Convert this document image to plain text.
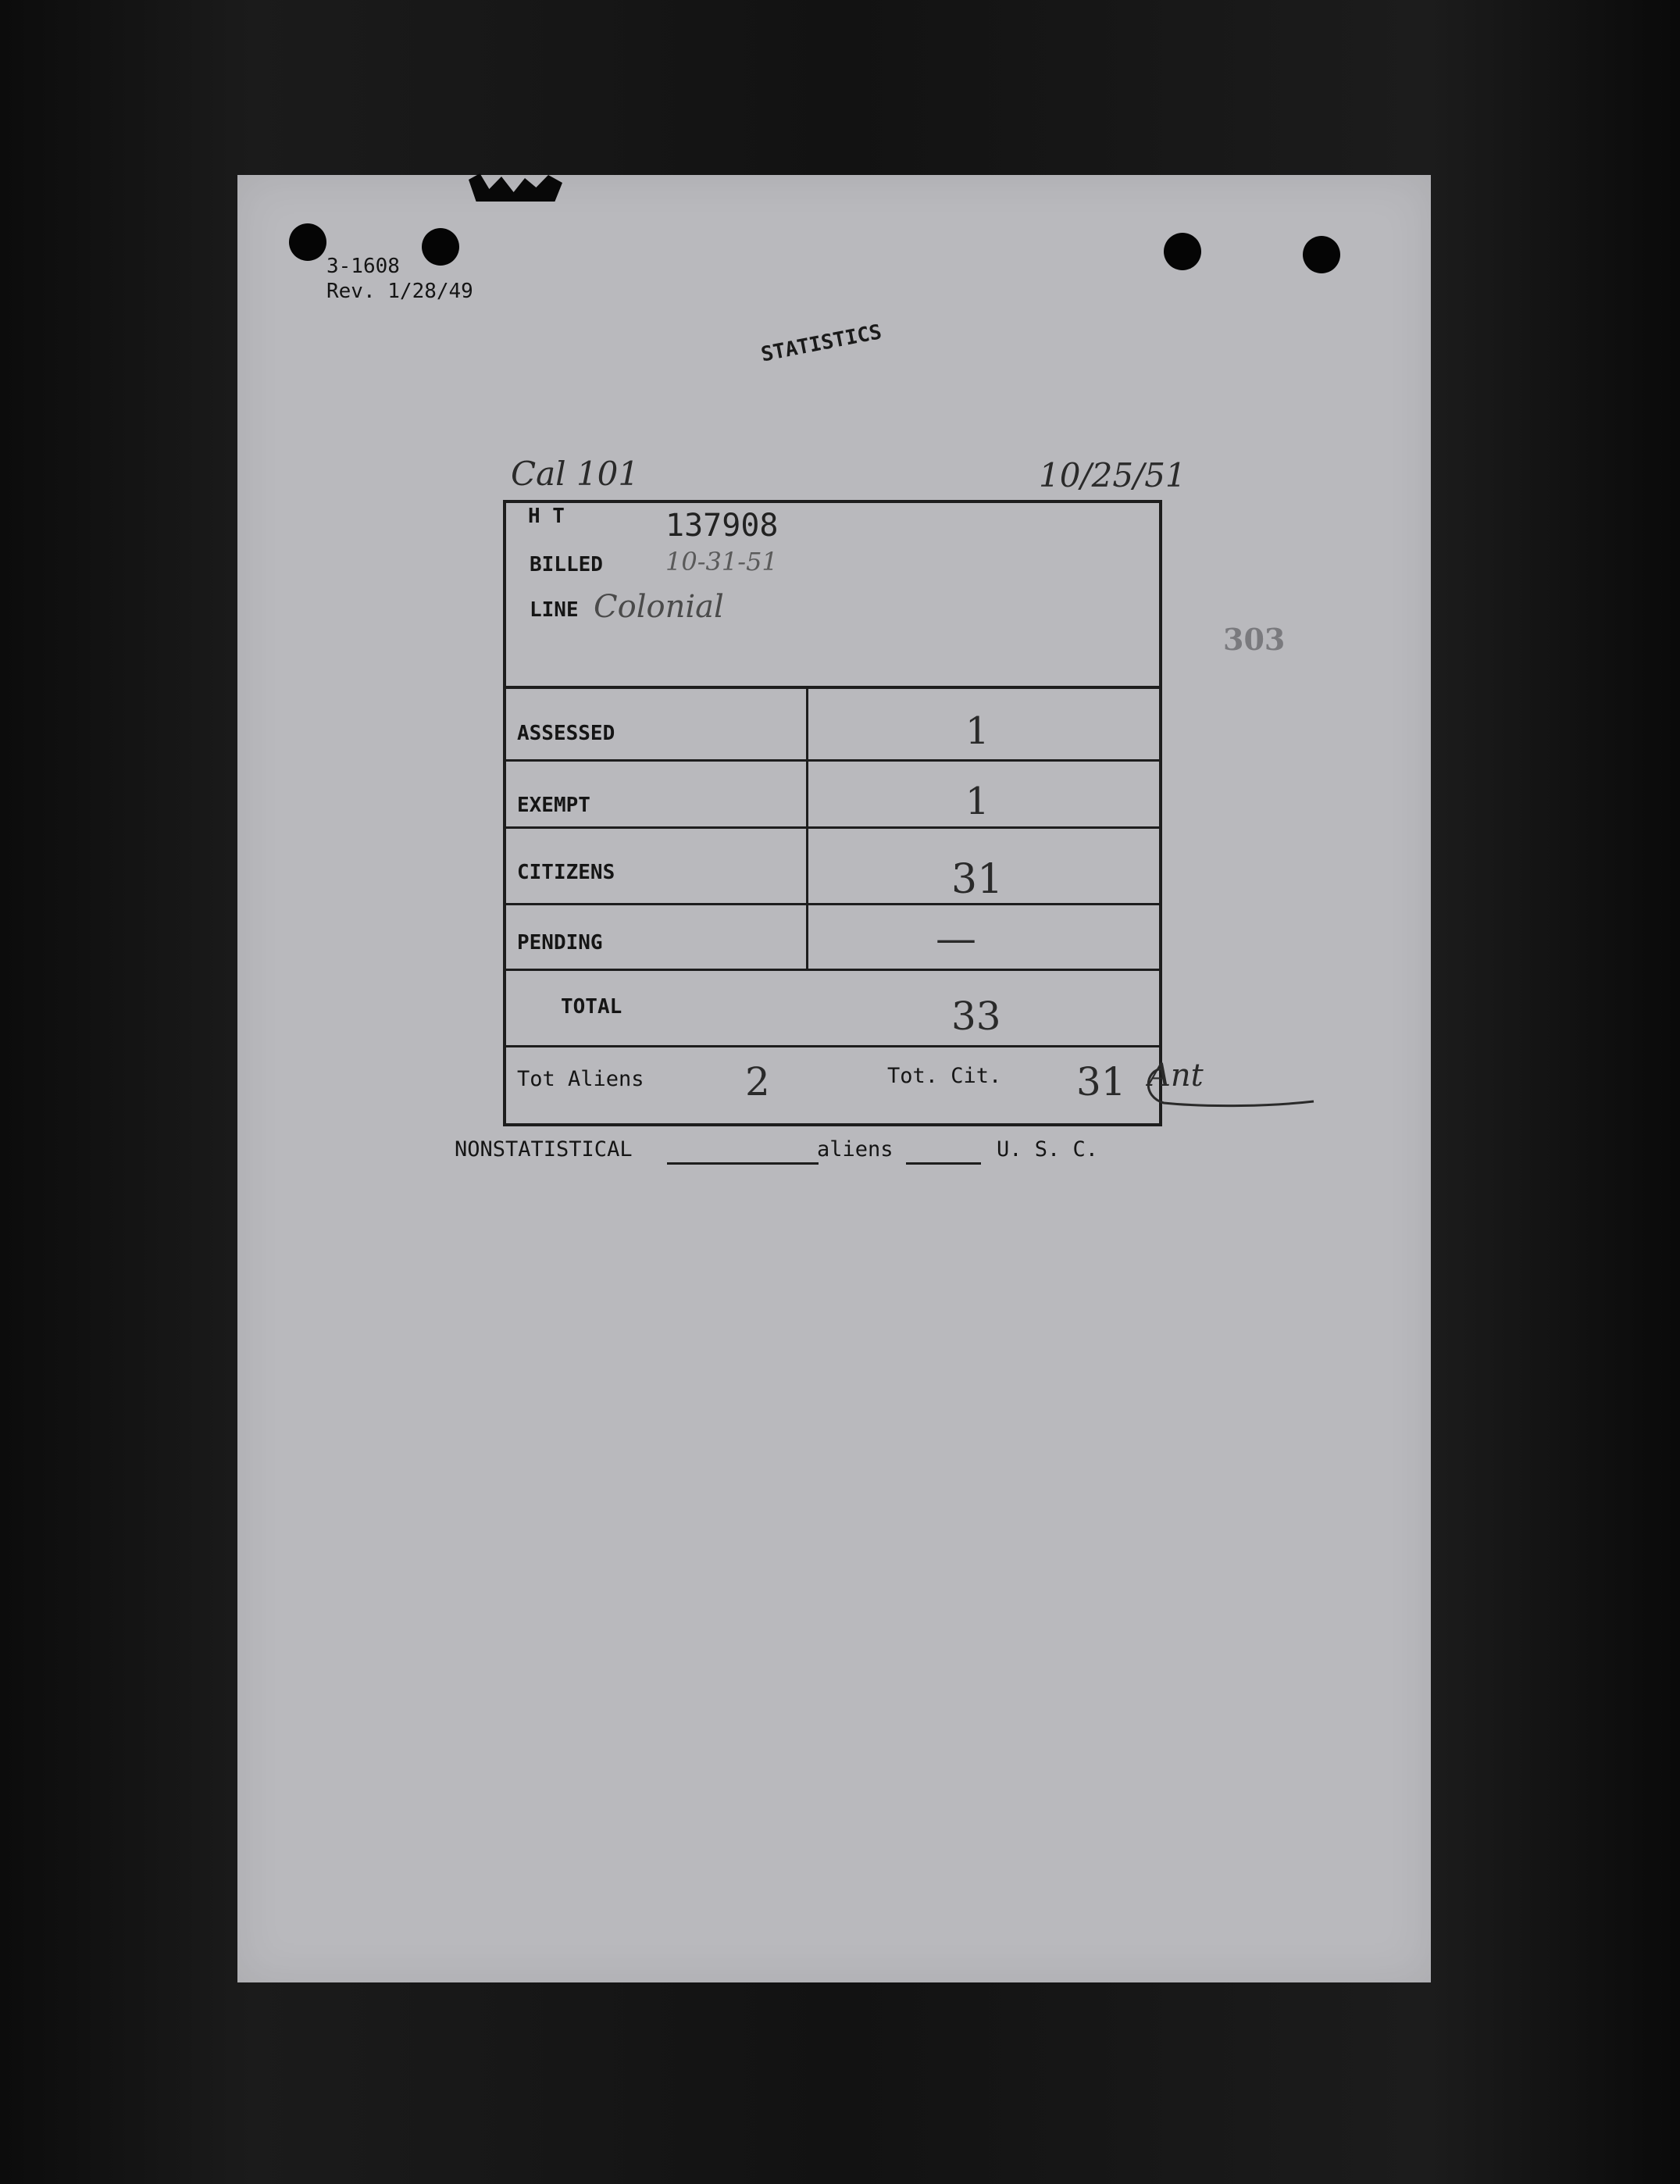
3-1608
Rev. 1/28/49
STATISTICS
303
Cal 101	10/25/51
H T	137908
BILLED	10-31-51
LINE Colonial
ASSESSED	1
EXEMPT	1
CITIZENS	31
PENDING	—
TOTAL	33
Tot Aliens	2	Tot. Cit. 31 Ant
NONSTATISTICAL	aliens	U. S. C.
